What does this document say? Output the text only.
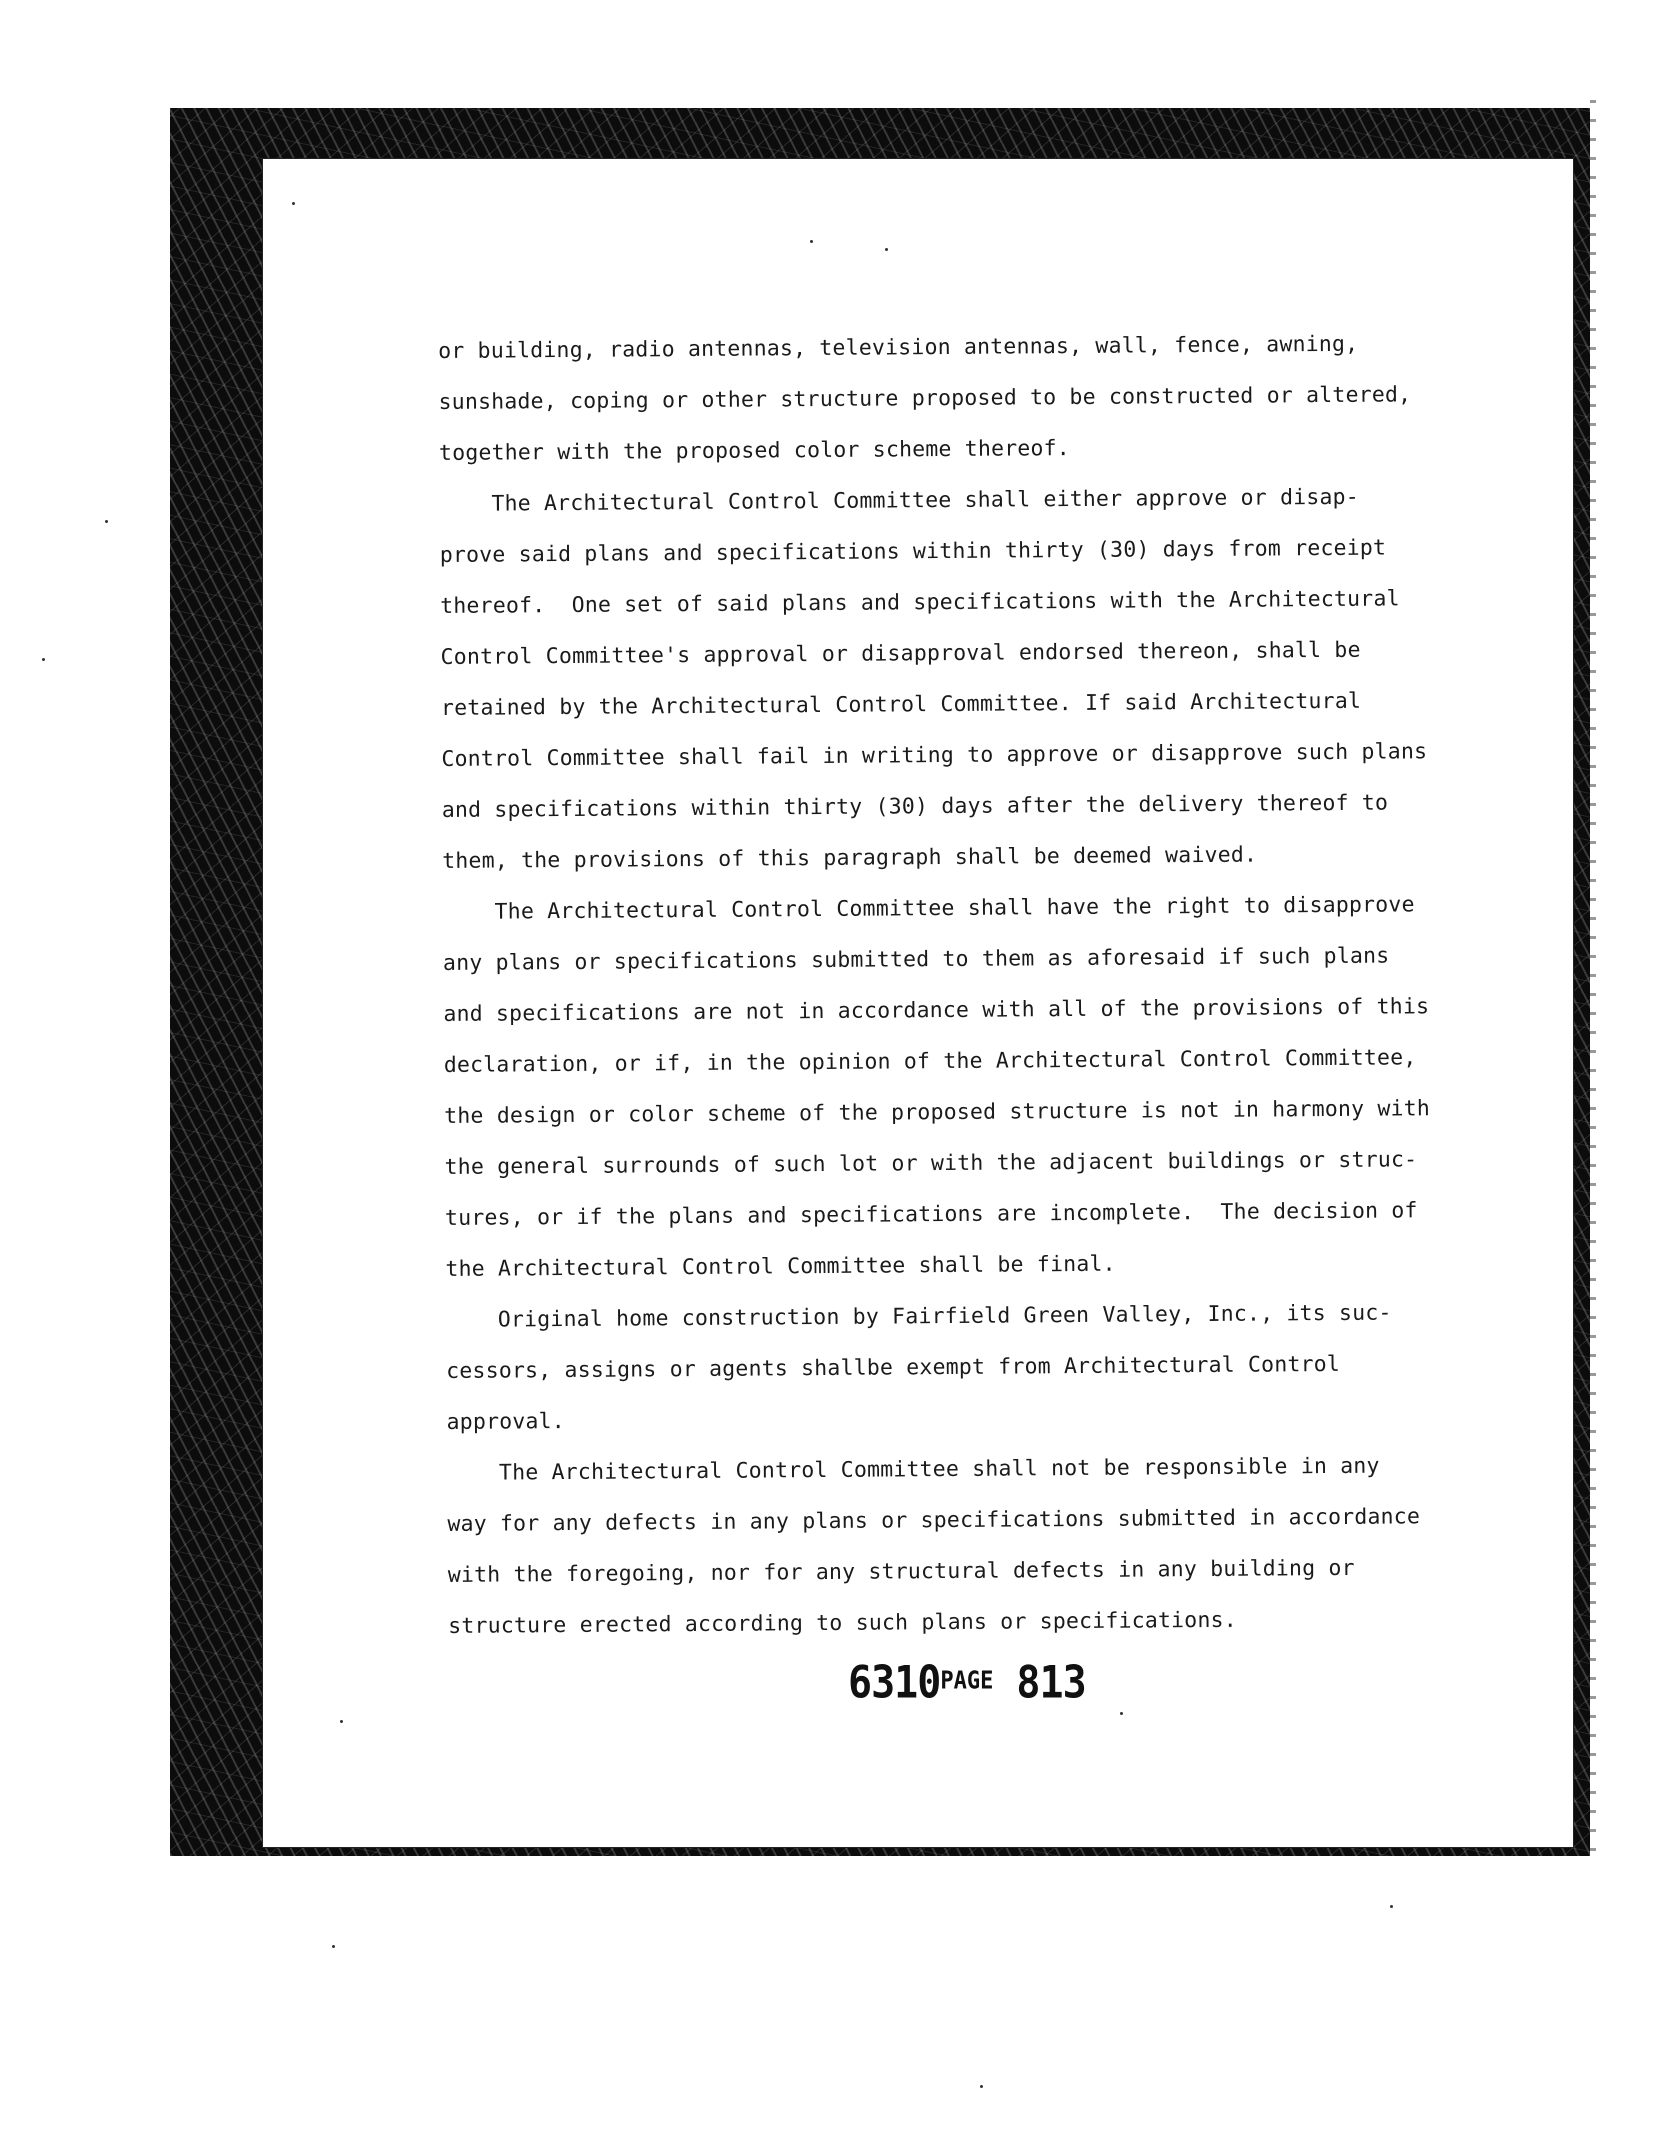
or building, radio antennas, television antennas, wall, fence, awning,
sunshade, coping or other structure proposed to be constructed or altered,
together with the proposed color scheme thereof.
The Architectural Control Committee shall either approve or disap-
prove said plans and specifications within thirty (30) days from receipt
thereof.  One set of said plans and specifications with the Architectural
Control Committee's approval or disapproval endorsed thereon, shall be
retained by the Architectural Control Committee. If said Architectural
Control Committee shall fail in writing to approve or disapprove such plans
and specifications within thirty (30) days after the delivery thereof to
them, the provisions of this paragraph shall be deemed waived.
The Architectural Control Committee shall have the right to disapprove
any plans or specifications submitted to them as aforesaid if such plans
and specifications are not in accordance with all of the provisions of this
declaration, or if, in the opinion of the Architectural Control Committee,
the design or color scheme of the proposed structure is not in harmony with
the general surrounds of such lot or with the adjacent buildings or struc-
tures, or if the plans and specifications are incomplete.  The decision of
the Architectural Control Committee shall be final.
Original home construction by Fairfield Green Valley, Inc., its suc-
cessors, assigns or agents shallbe exempt from Architectural Control
approval.
The Architectural Control Committee shall not be responsible in any
way for any defects in any plans or specifications submitted in accordance
with the foregoing, nor for any structural defects in any building or
structure erected according to such plans or specifications.
$6310^{PAGE}$ 813
